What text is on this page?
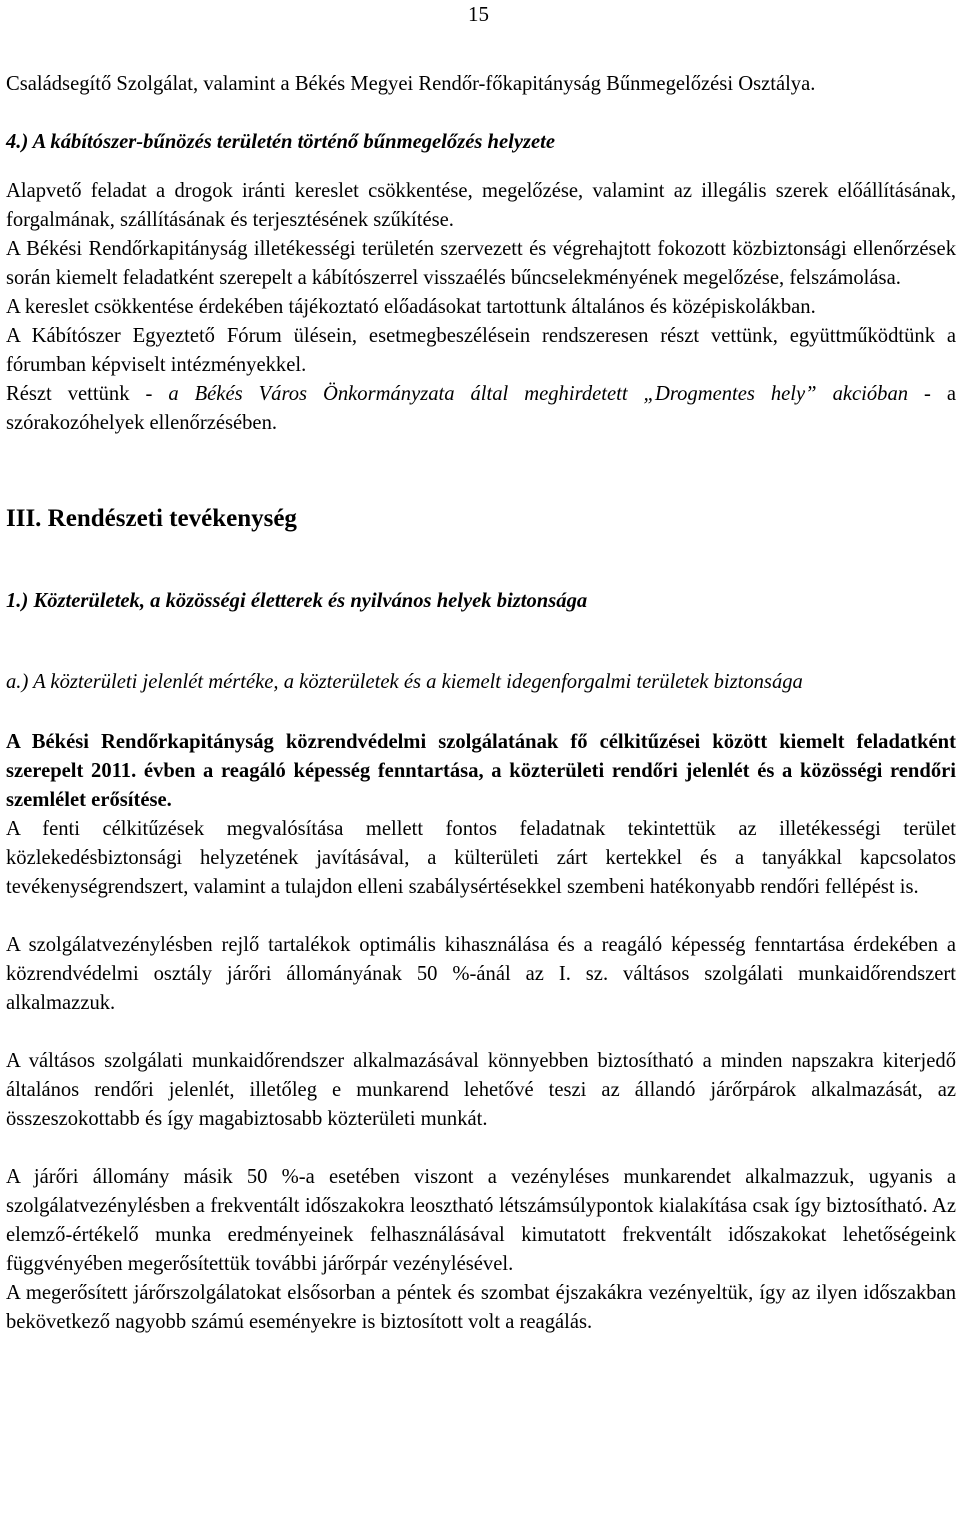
15

Családsegítő Szolgálat, valamint a Békés Megyei Rendőr-főkapitányság Bűnmegelőzési Osztálya.

4.) A kábítószer-bűnözés területén történő bűnmegelőzés helyzete

Alapvető feladat a drogok iránti kereslet csökkentése, megelőzése, valamint az illegális szerek előállításának, forgalmának, szállításának és terjesztésének szűkítése.

A Békési Rendőrkapitányság illetékességi területén szervezett és végrehajtott fokozott közbiztonsági ellenőrzések során kiemelt feladatként szerepelt a kábítószerrel visszaélés bűncselekményének megelőzése, felszámolása.

A kereslet csökkentése érdekében tájékoztató előadásokat tartottunk általános és középiskolákban.

A Kábítószer Egyeztető Fórum ülésein, esetmegbeszélésein rendszeresen részt vettünk, együttműködtünk a fórumban képviselt intézményekkel.

Részt vettünk - a Békés Város Önkormányzata által meghirdetett „Drogmentes hely” akcióban - a szórakozóhelyek ellenőrzésében.

III. Rendészeti tevékenység

1.) Közterületek, a közösségi életterek és nyilvános helyek biztonsága

a.) A közterületi jelenlét mértéke, a közterületek és a kiemelt idegenforgalmi területek biztonsága

A Békési Rendőrkapitányság közrendvédelmi szolgálatának fő célkitűzései között kiemelt feladatként szerepelt 2011. évben a reagáló képesség fenntartása, a közterületi rendőri jelenlét és a közösségi rendőri szemlélet erősítése.

A fenti célkitűzések megvalósítása mellett fontos feladatnak tekintettük az illetékességi terület közlekedésbiztonsági helyzetének javításával, a külterületi zárt kertekkel és a tanyákkal kapcsolatos tevékenységrendszert, valamint a tulajdon elleni szabálysértésekkel szembeni hatékonyabb rendőri fellépést is.

A szolgálatvezénylésben rejlő tartalékok optimális kihasználása és a reagáló képesség fenntartása érdekében a közrendvédelmi osztály járőri állományának 50 %-ánál az I. sz. váltásos szolgálati munkaidőrendszert alkalmazzuk.

A váltásos szolgálati munkaidőrendszer alkalmazásával könnyebben biztosítható a minden napszakra kiterjedő általános rendőri jelenlét, illetőleg e munkarend lehetővé teszi az állandó járőrpárok alkalmazását, az összeszokottabb és így magabiztosabb közterületi munkát.

A járőri állomány másik 50 %-a esetében viszont a vezényléses munkarendet alkalmazzuk, ugyanis a szolgálatvezénylésben a frekventált időszakokra leosztható létszámsúlypontok kialakítása csak így biztosítható. Az elemző-értékelő munka eredményeinek felhasználásával kimutatott frekventált időszakokat lehetőségeink függvényében megerősítettük további járőrpár vezénylésével.

A megerősített járőrszolgálatokat elsősorban a péntek és szombat éjszakákra vezényeltük, így az ilyen időszakban bekövetkező nagyobb számú eseményekre is biztosított volt a reagálás.
